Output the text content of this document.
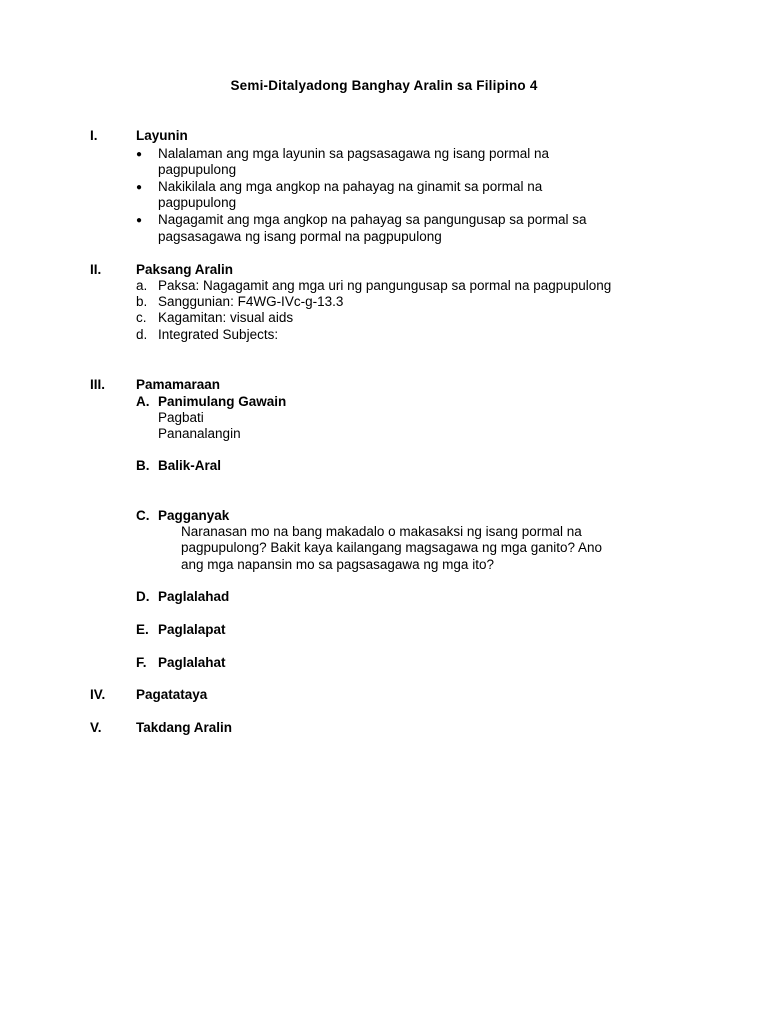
Semi-Ditalyadong Banghay Aralin sa Filipino 4
I.	Layunin
● Nalalaman ang mga layunin sa pagsasagawa ng isang pormal na
pagpupulong
● Nakikilala ang mga angkop na pahayag na ginamit sa pormal na
pagpupulong
● Nagagamit ang mga angkop na pahayag sa pangungusap sa pormal sa
pagsasagawa ng isang pormal na pagpupulong
II.	Paksang Aralin
a. Paksa: Nagagamit ang mga uri ng pangungusap sa pormal na pagpupulong
b. Sanggunian: F4WG-IVc-g-13.3
c. Kagamitan: visual aids
d. Integrated Subjects:
III. Pamamaraan
A. Panimulang Gawain
Pagbati
Pananalangin
B. Balik-Aral
C. Pagganyak
Naranasan mo na bang makadalo o makasaksi ng isang pormal na
pagpupulong? Bakit kaya kailangang magsagawa ng mga ganito? Ano
ang mga napansin mo sa pagsasagawa ng mga ito?
D. Paglalahad
E. Paglalapat
F. Paglalahat
IV. Pagatataya
V.	Takdang Aralin
